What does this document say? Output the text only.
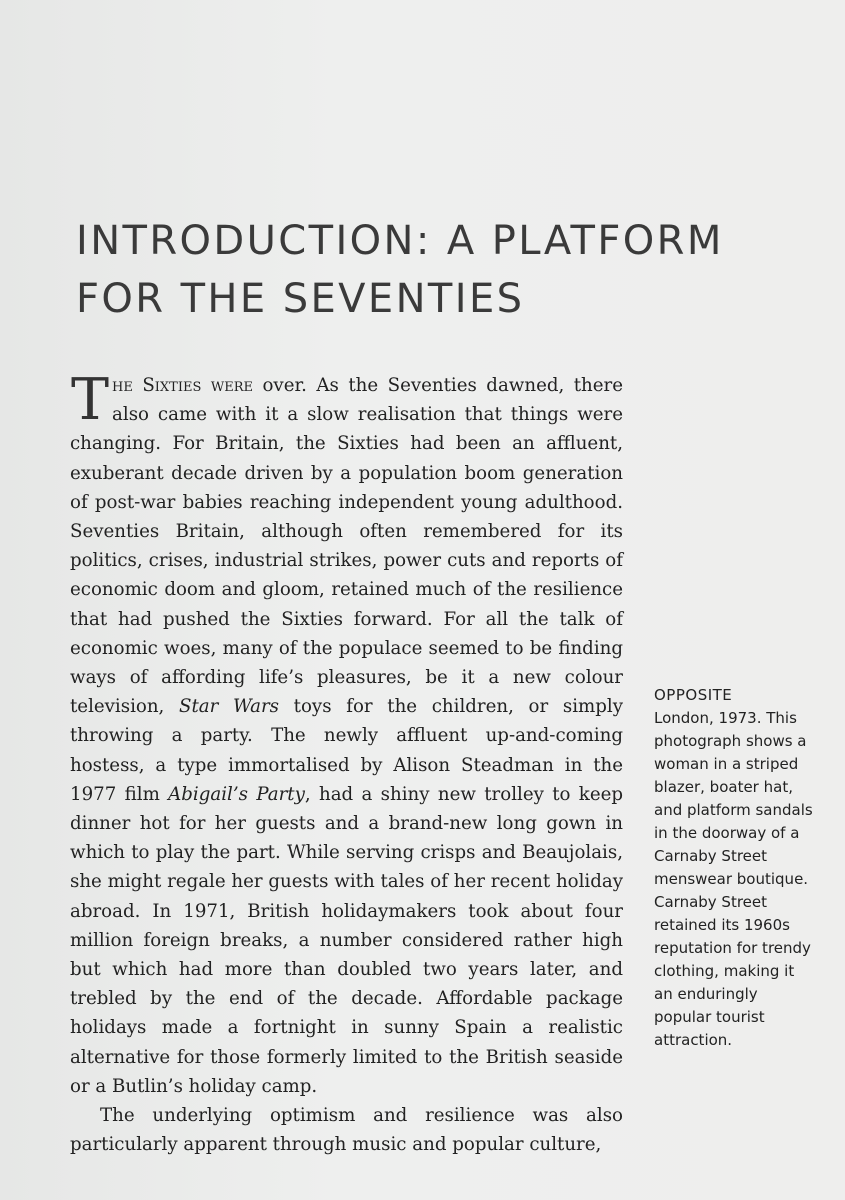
INTRODUCTION: A PLATFORM
FOR THE SEVENTIES

The Sixties were over. As the Seventies dawned, there also came with it a slow realisation that things were changing. For Britain, the Sixties had been an affluent, exuberant decade driven by a population boom generation of post-war babies reaching independent young adulthood. Seventies Britain, although often remembered for its politics, crises, industrial strikes, power cuts and reports of economic doom and gloom, retained much of the resilience that had pushed the Sixties forward. For all the talk of economic woes, many of the populace seemed to be finding ways of affording life’s pleasures, be it a new colour television, Star Wars toys for the children, or simply throwing a party. The newly affluent up-and-coming hostess, a type immortalised by Alison Steadman in the 1977 film Abigail’s Party, had a shiny new trolley to keep dinner hot for her guests and a brand-new long gown in which to play the part. While serving crisps and Beaujolais, she might regale her guests with tales of her recent holiday abroad. In 1971, British holidaymakers took about four million foreign breaks, a number considered rather high but which had more than doubled two years later, and trebled by the end of the decade. Affordable package holidays made a fortnight in sunny Spain a realistic alternative for those formerly limited to the British seaside or a Butlin’s holiday camp.

The underlying optimism and resilience was also particularly apparent through music and popular culture,

OPPOSITE
London, 1973. This photograph shows a woman in a striped blazer, boater hat, and platform sandals in the doorway of a Carnaby Street menswear boutique. Carnaby Street retained its 1960s reputation for trendy clothing, making it an enduringly popular tourist attraction.
